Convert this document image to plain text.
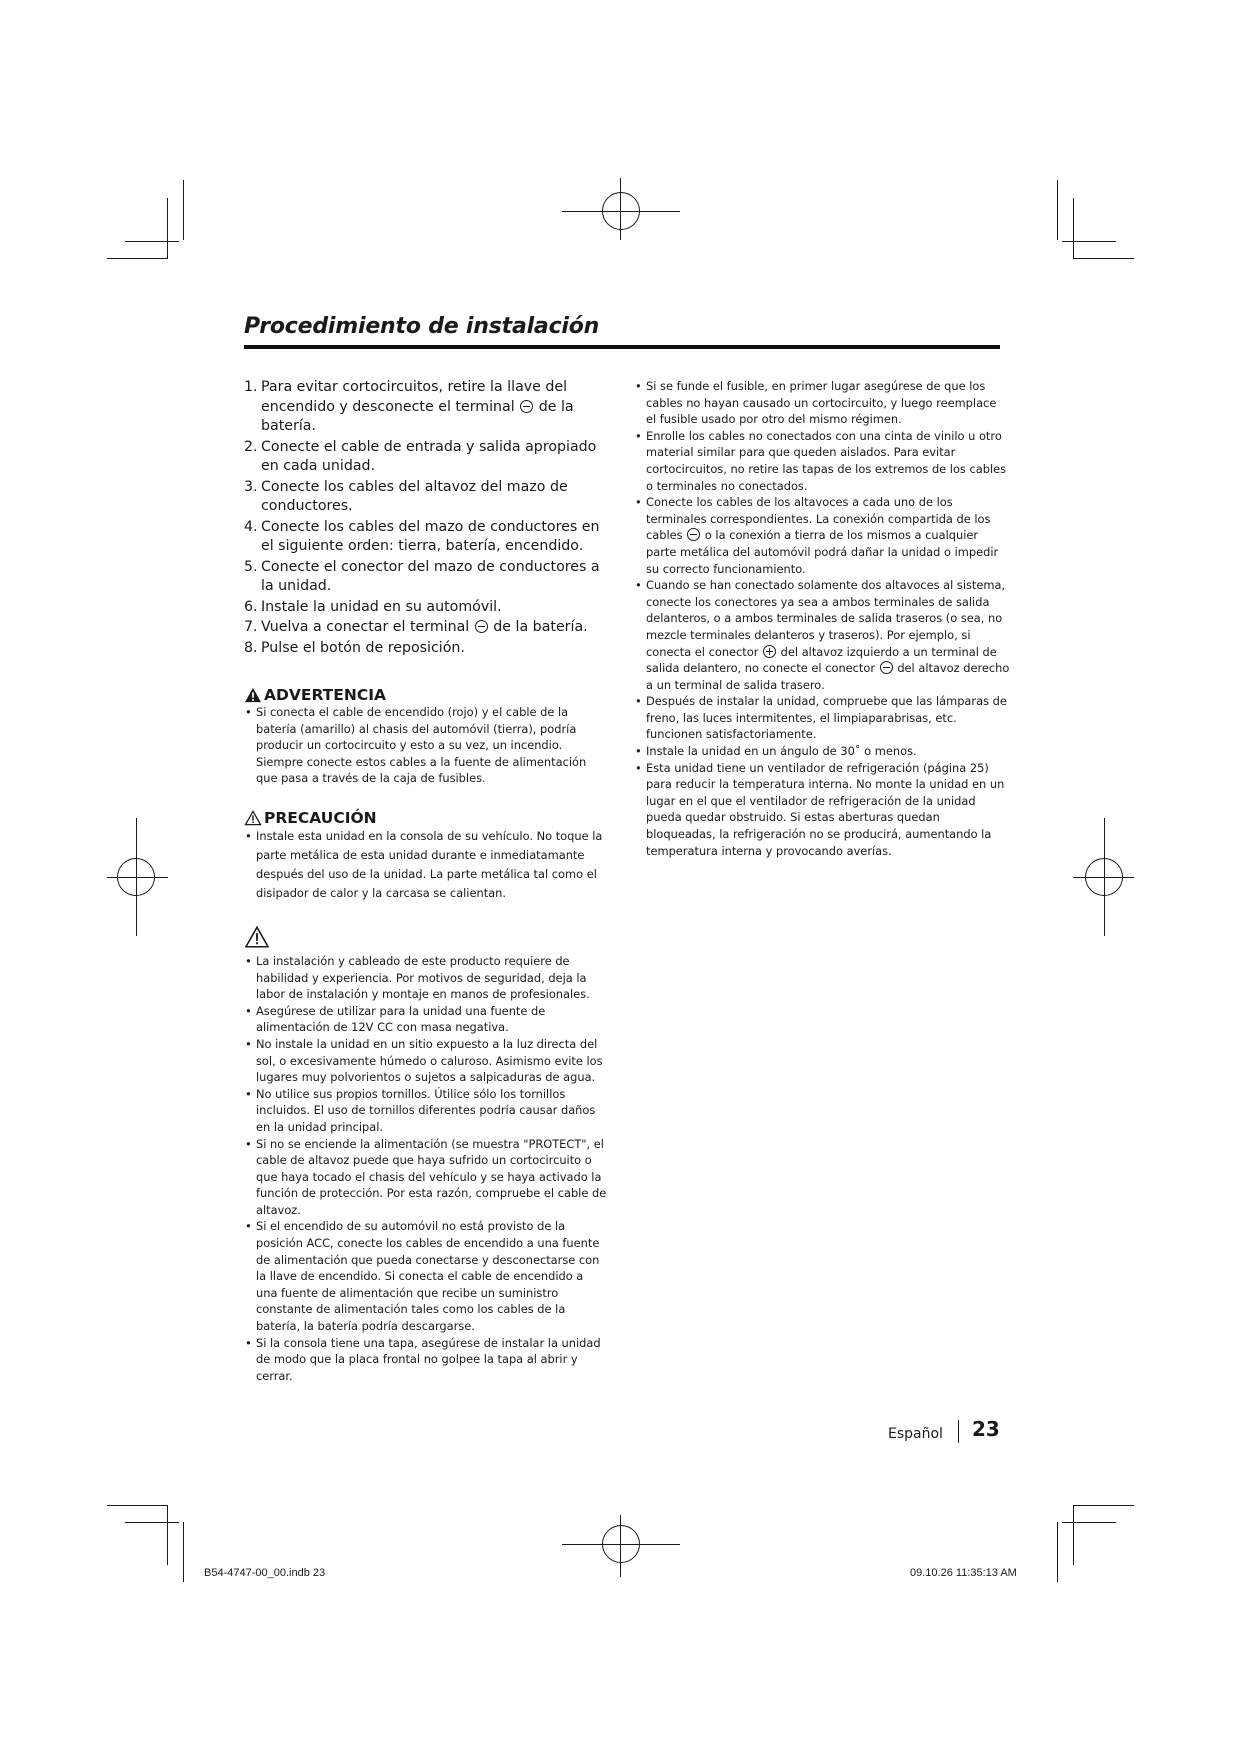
Procedimiento de instalación
1. Para evitar cortocircuitos, retire la llave del encendido y desconecte el terminal de la batería.
2. Conecte el cable de entrada y salida apropiado en cada unidad.
3. Conecte los cables del altavoz del mazo de conductores.
4. Conecte los cables del mazo de conductores en el siguiente orden: tierra, batería, encendido.
5. Conecte el conector del mazo de conductores a la unidad.
6. Instale la unidad en su automóvil.
7. Vuelva a conectar el terminal de la batería.
8. Pulse el botón de reposición.
ADVERTENCIA
• Si conecta el cable de encendido (rojo) y el cable de la batería (amarillo) al chasis del automóvil (tierra), podría producir un cortocircuito y esto a su vez, un incendio. Siempre conecte estos cables a la fuente de alimentación que pasa a través de la caja de fusibles.
PRECAUCIÓN
• Instale esta unidad en la consola de su vehículo. No toque la parte metálica de esta unidad durante e inmediatamante después del uso de la unidad. La parte metálica tal como el disipador de calor y la carcasa se calientan.
• La instalación y cableado de este producto requiere de habilidad y experiencia. Por motivos de seguridad, deja la labor de instalación y montaje en manos de profesionales.
• Asegúrese de utilizar para la unidad una fuente de alimentación de 12V CC con masa negativa.
• No instale la unidad en un sitio expuesto a la luz directa del sol, o excesivamente húmedo o caluroso. Asimismo evite los lugares muy polvorientos o sujetos a salpicaduras de agua.
• No utilice sus propios tornillos. Útilice sólo los tornillos incluidos. El uso de tornillos diferentes podría causar daños en la unidad principal.
• Si no se enciende la alimentación (se muestra "PROTECT", el cable de altavoz puede que haya sufrido un cortocircuito o que haya tocado el chasis del vehículo y se haya activado la función de protección. Por esta razón, compruebe el cable de altavoz.
• Si el encendido de su automóvil no está provisto de la posición ACC, conecte los cables de encendido a una fuente de alimentación que pueda conectarse y desconectarse con la llave de encendido. Si conecta el cable de encendido a una fuente de alimentación que recibe un suministro constante de alimentación tales como los cables de la batería, la batería podría descargarse.
• Si la consola tiene una tapa, asegúrese de instalar la unidad de modo que la placa frontal no golpee la tapa al abrir y cerrar.
• Si se funde el fusible, en primer lugar asegúrese de que los cables no hayan causado un cortocircuito, y luego reemplace el fusible usado por otro del mismo régimen.
• Enrolle los cables no conectados con una cinta de vinilo u otro material similar para que queden aislados. Para evitar cortocircuitos, no retire las tapas de los extremos de los cables o terminales no conectados.
• Conecte los cables de los altavoces a cada uno de los terminales correspondientes. La conexión compartida de los cables o la conexión a tierra de los mismos a cualquier parte metálica del automóvil podrá dañar la unidad o impedir su correcto funcionamiento.
• Cuando se han conectado solamente dos altavoces al sistema, conecte los conectores ya sea a ambos terminales de salida delanteros, o a ambos terminales de salida traseros (o sea, no mezcle terminales delanteros y traseros). Por ejemplo, si conecta el conector del altavoz izquierdo a un terminal de salida delantero, no conecte el conector del altavoz derecho a un terminal de salida trasero.
• Después de instalar la unidad, compruebe que las lámparas de freno, las luces intermitentes, el limpiaparabrisas, etc. funcionen satisfactoriamente.
• Instale la unidad en un ángulo de 30˚ o menos.
• Esta unidad tiene un ventilador de refrigeración (página 25) para reducir la temperatura interna. No monte la unidad en un lugar en el que el ventilador de refrigeración de la unidad pueda quedar obstruido. Si estas aberturas quedan bloqueadas, la refrigeración no se producirá, aumentando la temperatura interna y provocando averías.
Español 23
B54-4747-00_00.indb 23	09.10.26 11:35:13 AM
